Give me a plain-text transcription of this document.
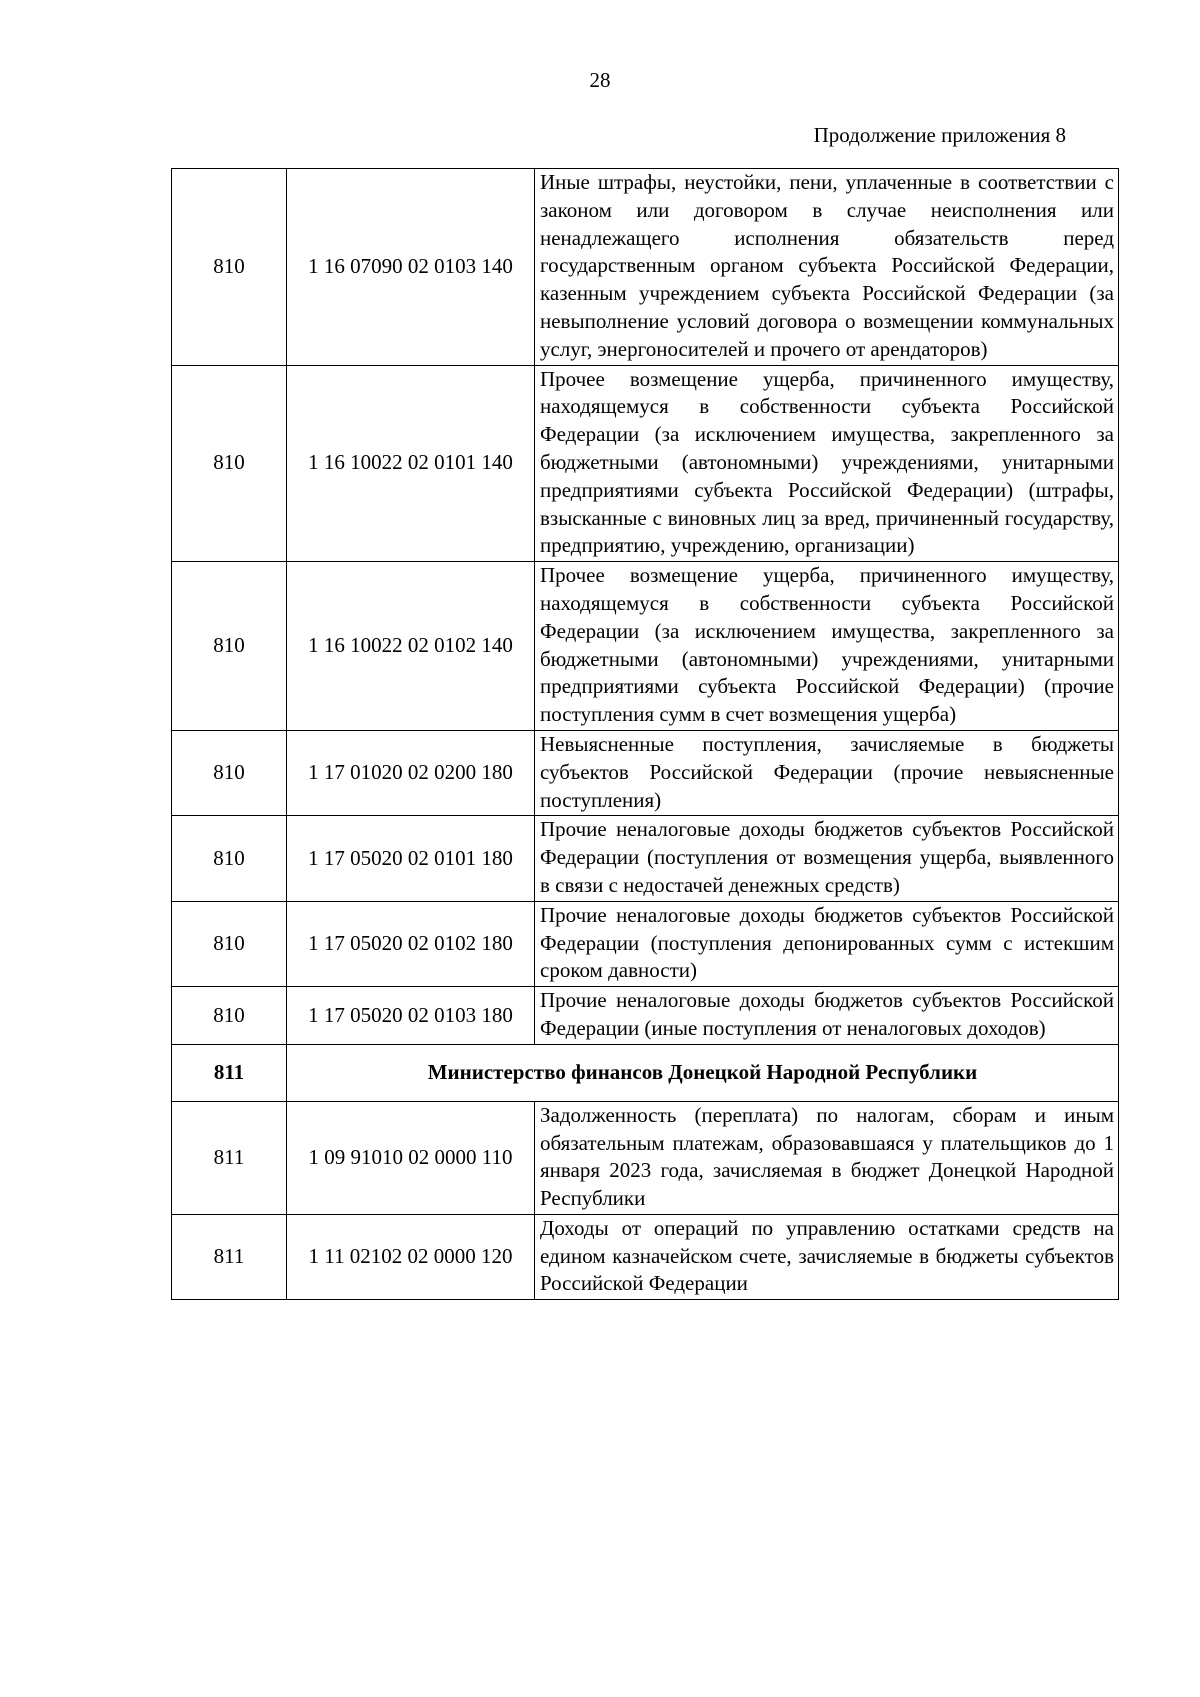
28
Продолжение приложения 8
810	1 16 07090 02 0103 140	Иные штрафы, неустойки, пени, уплаченные в соответствии с законом или договором в случае неисполнения или ненадлежащего исполнения обязательств перед государственным органом субъекта Российской Федерации, казенным учреждением субъекта Российской Федерации (за невыполнение условий договора о возмещении коммунальных услуг, энергоносителей и прочего от арендаторов)
810	1 16 10022 02 0101 140	Прочее возмещение ущерба, причиненного имуществу, находящемуся в собственности субъекта Российской Федерации (за исключением имущества, закрепленного за бюджетными (автономными) учреждениями, унитарными предприятиями субъекта Российской Федерации) (штрафы, взысканные с виновных лиц за вред, причиненный государству, предприятию, учреждению, организации)
810	1 16 10022 02 0102 140	Прочее возмещение ущерба, причиненного имуществу, находящемуся в собственности субъекта Российской Федерации (за исключением имущества, закрепленного за бюджетными (автономными) учреждениями, унитарными предприятиями субъекта Российской Федерации) (прочие поступления сумм в счет возмещения ущерба)
810	1 17 01020 02 0200 180	Невыясненные поступления, зачисляемые в бюджеты субъектов Российской Федерации (прочие невыясненные поступления)
810	1 17 05020 02 0101 180	Прочие неналоговые доходы бюджетов субъектов Российской Федерации (поступления от возмещения ущерба, выявленного в связи с недостачей денежных средств)
810	1 17 05020 02 0102 180	Прочие неналоговые доходы бюджетов субъектов Российской Федерации (поступления депонированных сумм с истекшим сроком давности)
810	1 17 05020 02 0103 180	Прочие неналоговые доходы бюджетов субъектов Российской Федерации (иные поступления от неналоговых доходов)
811	Министерство финансов Донецкой Народной Республики	
811	1 09 91010 02 0000 110	Задолженность (переплата) по налогам, сборам и иным обязательным платежам, образовавшаяся у плательщиков до 1 января 2023 года, зачисляемая в бюджет Донецкой Народной Республики
811	1 11 02102 02 0000 120	Доходы от операций по управлению остатками средств на едином казначейском счете, зачисляемые в бюджеты субъектов Российской Федерации
